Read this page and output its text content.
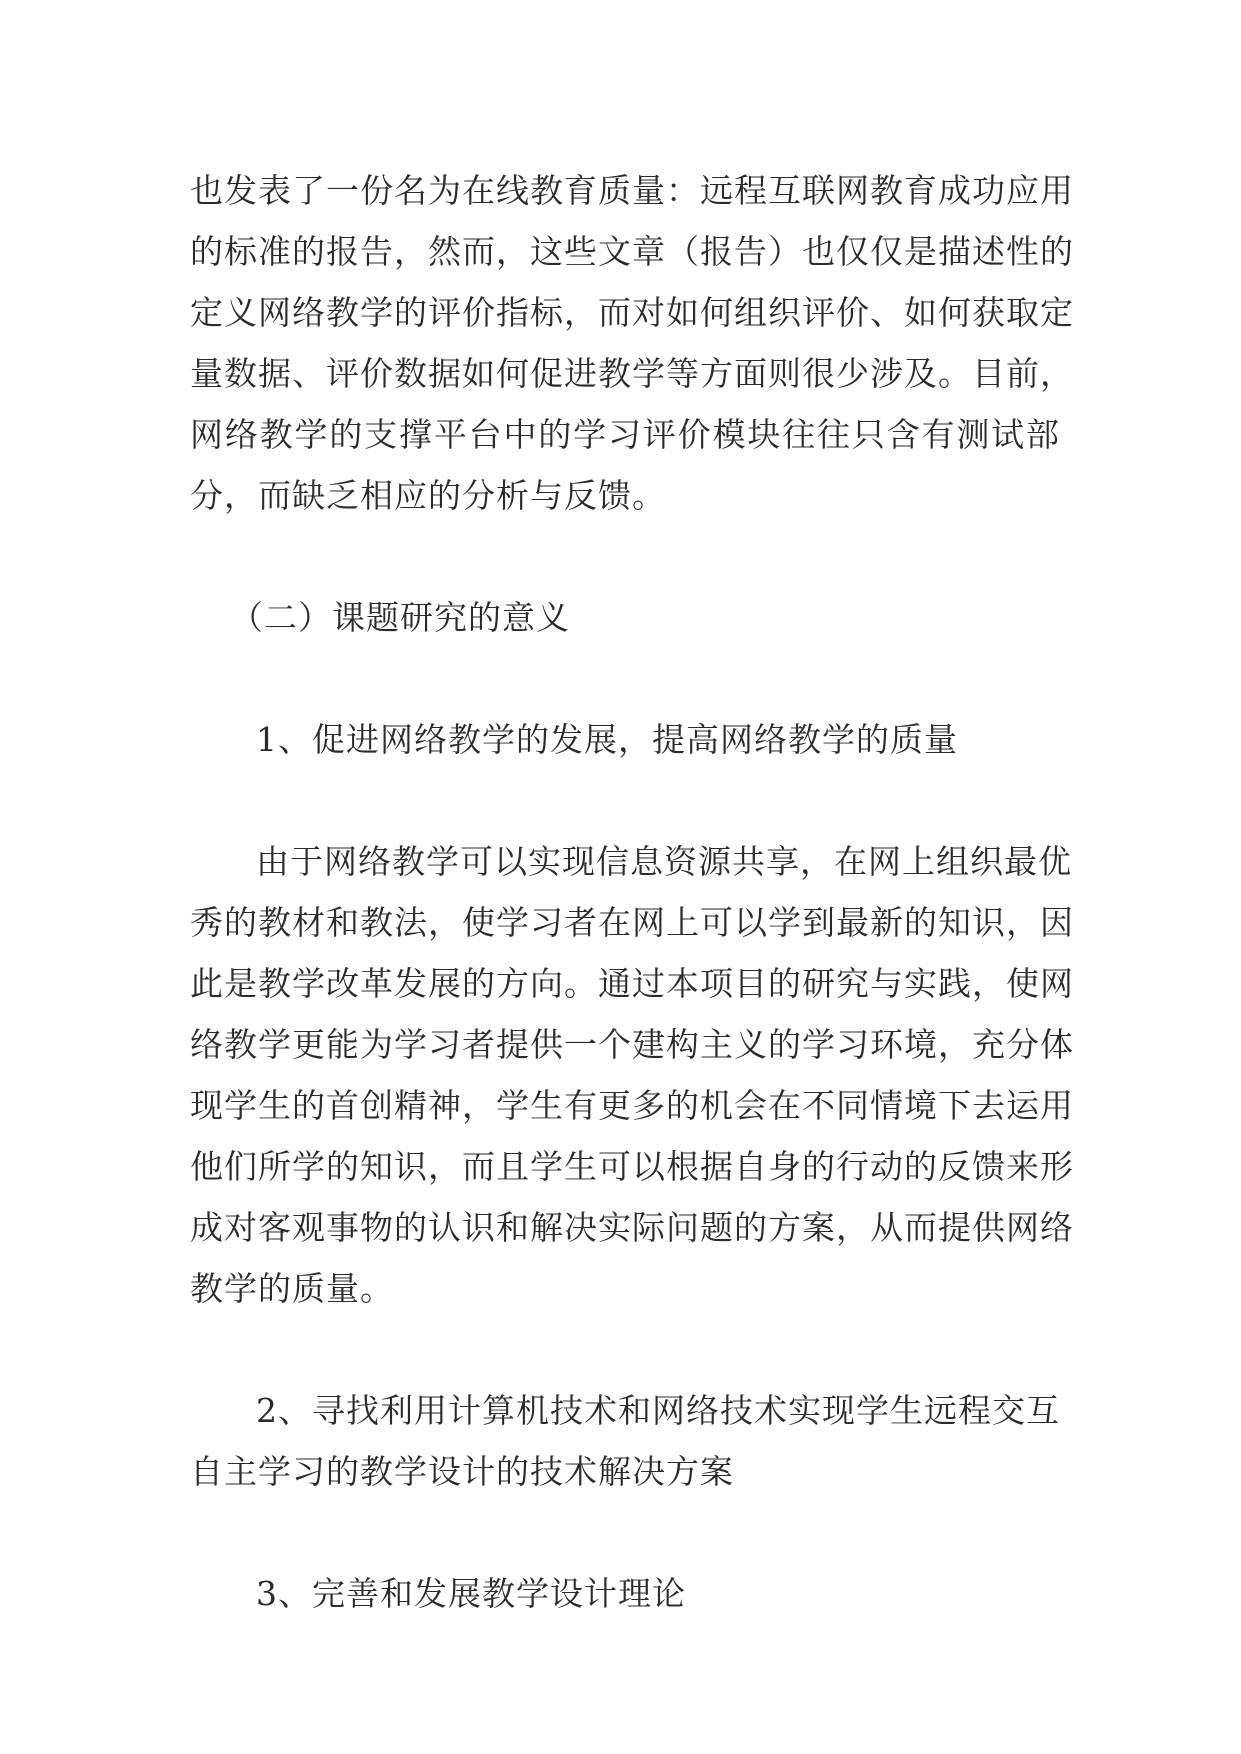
也发表了一份名为在线教育质量：远程互联网教育成功应用
的标准的报告，然而，这些文章（报告）也仅仅是描述性的
定义网络教学的评价指标，而对如何组织评价、如何获取定
量数据、评价数据如何促进教学等方面则很少涉及。目前，
网络教学的支撑平台中的学习评价模块往往只含有测试部
分，而缺乏相应的分析与反馈。
（二）课题研究的意义
1、促进网络教学的发展，提高网络教学的质量
由于网络教学可以实现信息资源共享，在网上组织最优
秀的教材和教法，使学习者在网上可以学到最新的知识，因
此是教学改革发展的方向。通过本项目的研究与实践，使网
络教学更能为学习者提供一个建构主义的学习环境，充分体
现学生的首创精神，学生有更多的机会在不同情境下去运用
他们所学的知识，而且学生可以根据自身的行动的反馈来形
成对客观事物的认识和解决实际问题的方案，从而提供网络
教学的质量。
2、寻找利用计算机技术和网络技术实现学生远程交互
自主学习的教学设计的技术解决方案
3、完善和发展教学设计理论
